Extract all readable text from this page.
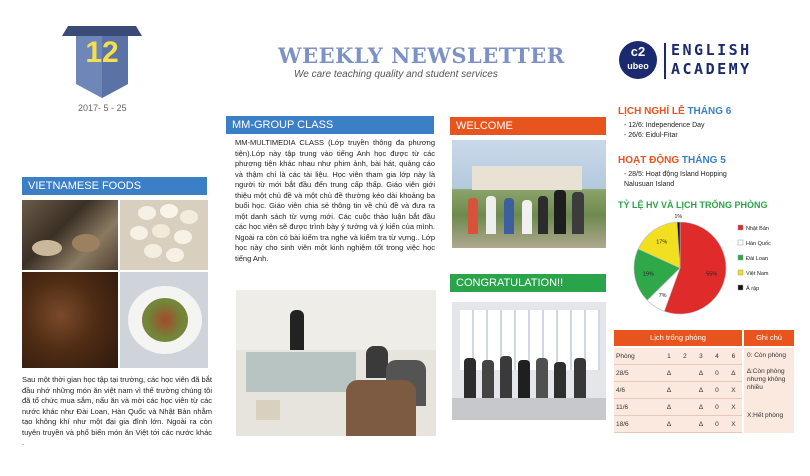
12
2017- 5 - 25
WEEKLY NEWSLETTER
We care teaching quality and student services
c2
ubeo
ENGLISH
ACADEMY
VIETNAMESE FOODS
Sau một thời gian học tập tại trường, các học viên đã bắt đầu nhớ những món ăn việt nam vì thế trường chúng tôi đã tổ chức mua sắm, nấu ăn và mời các học viên từ các nước khác như Đài Loan, Hàn Quốc và Nhật Bản nhằm tạo không khí như một đại gia đình lớn. Ngoài ra còn tuyên truyền và phổ biến món ăn Việt tới các nước khác .
MM-GROUP CLASS
MM-MULTIMEDIA CLASS (Lớp truyền thông đa phương tiện).Lớp này tập trung vào tiếng Anh học được từ các phương tiện khác nhau như phim ảnh, bài hát, quảng cáo và thậm chí là các tài liệu. Học viên tham gia lớp này là người từ mới bắt đầu đến trung cấp thấp. Giáo viên giới thiệu một chủ đề và một chủ đề thường kéo dài khoảng ba buổi học. Giáo viên chia sẻ thông tin về chủ đề và đưa ra một danh sách từ vựng mới. Các cuộc thảo luận bắt đầu các học viên sẽ được trình bày ý tưởng và ý kiến của mình. Ngoài ra còn có bài kiểm tra nghe và kiểm tra từ vựng.. Lớp học này cho sinh viên một kinh nghiệm tốt trong việc học tiếng Anh.
WELCOME
CONGRATULATION!!
LỊCH NGHỈ LỄ THÁNG 6
- 12/6: Independence Day
- 26/6: Eidul-Fitar
HOẠT ĐỘNG THÁNG 5
- 28/5: Hoạt động Island Hopping
Nalusuan Island
TỶ LỆ HV VÀ LỊCH TRỐNG PHÒNG
55%
7%
19%
17%
1%
Nhật Bản
Hàn Quốc
Đài Loan
Việt Nam
Ả rập
Lịch trống phòng	Ghi chú
Phòng	1	2	3	4	6
28/5	∆		∆	0	∆
4/6	∆		∆	0	X
11/6	∆		∆	0	X
18/6	∆		∆	0	X
0: Còn phòng
∆:Còn phòng nhưng không nhiều
X:Hết phòng
